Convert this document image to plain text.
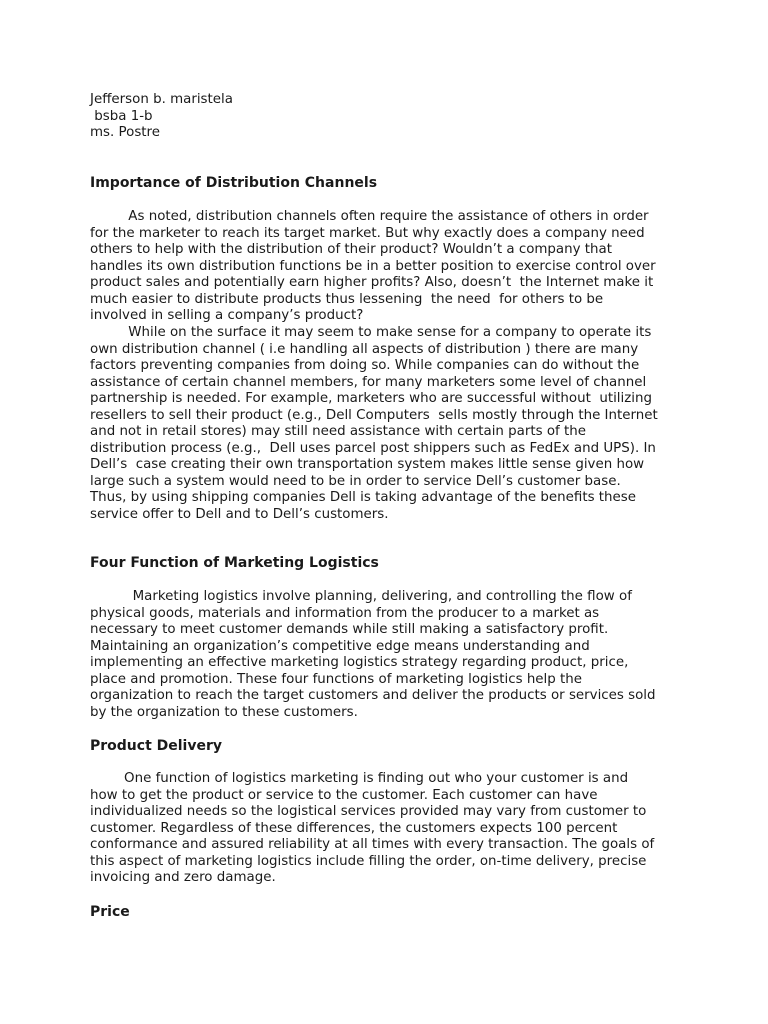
Jefferson b. maristela

bsba 1-b

ms. Postre

Importance of Distribution Channels

As noted, distribution channels often require the assistance of others in order
for the marketer to reach its target market. But why exactly does a company need
others to help with the distribution of their product? Wouldn’t a company that
handles its own distribution functions be in a better position to exercise control over
product sales and potentially earn higher profits? Also, doesn’t  the Internet make it
much easier to distribute products thus lessening  the need  for others to be
involved in selling a company’s product?

While on the surface it may seem to make sense for a company to operate its
own distribution channel ( i.e handling all aspects of distribution ) there are many
factors preventing companies from doing so. While companies can do without the
assistance of certain channel members, for many marketers some level of channel
partnership is needed. For example, marketers who are successful without  utilizing
resellers to sell their product (e.g., Dell Computers  sells mostly through the Internet
and not in retail stores) may still need assistance with certain parts of the
distribution process (e.g.,  Dell uses parcel post shippers such as FedEx and UPS). In
Dell’s  case creating their own transportation system makes little sense given how
large such a system would need to be in order to service Dell’s customer base.
Thus, by using shipping companies Dell is taking advantage of the benefits these
service offer to Dell and to Dell’s customers.

Four Function of Marketing Logistics

Marketing logistics involve planning, delivering, and controlling the flow of
physical goods, materials and information from the producer to a market as
necessary to meet customer demands while still making a satisfactory profit.
Maintaining an organization’s competitive edge means understanding and
implementing an effective marketing logistics strategy regarding product, price,
place and promotion. These four functions of marketing logistics help the
organization to reach the target customers and deliver the products or services sold
by the organization to these customers.

Product Delivery

One function of logistics marketing is finding out who your customer is and
how to get the product or service to the customer. Each customer can have
individualized needs so the logistical services provided may vary from customer to
customer. Regardless of these differences, the customers expects 100 percent
conformance and assured reliability at all times with every transaction. The goals of
this aspect of marketing logistics include filling the order, on-time delivery, precise
invoicing and zero damage.

Price
